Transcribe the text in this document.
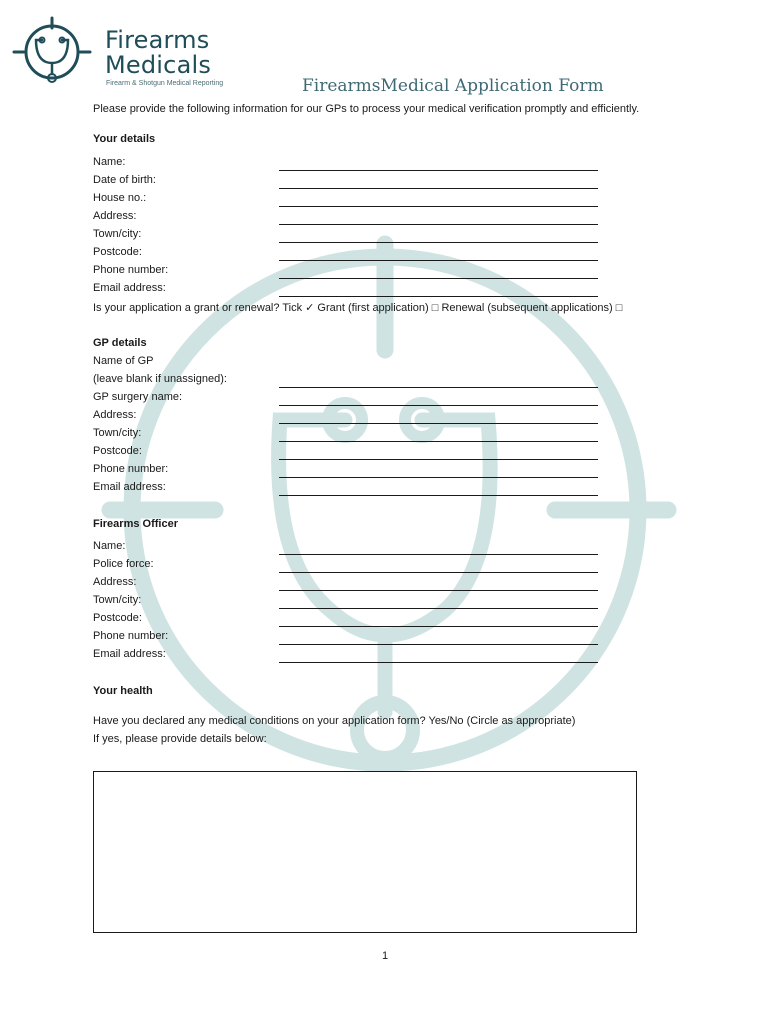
Firearms
Medicals
Firearm & Shotgun Medical Reporting	FirearmsMedical Application Form

Please provide the following information for our GPs to process your medical verification promptly and efficiently.

Your details

Name:
Date of birth:
House no.:
Address:
Town/city:
Postcode:
Phone number:
Email address:
Is your application a grant or renewal? Tick ✓ Grant (first application) □ Renewal (subsequent applications) □

GP details

Name of GP
(leave blank if unassigned):
GP surgery name:
Address:
Town/city:
Postcode:
Phone number:
Email address:

Firearms Officer

Name:
Police force:
Address:
Town/city:
Postcode:
Phone number:
Email address:

Your health

Have you declared any medical conditions on your application form? Yes/No (Circle as appropriate)
If yes, please provide details below:
1
